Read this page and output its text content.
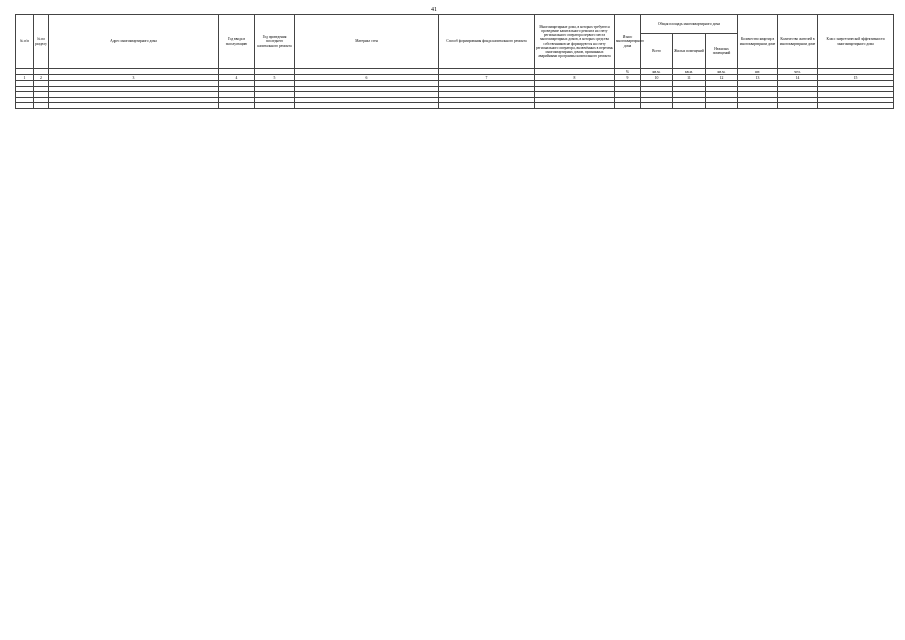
41
№ п/п	№ по разделу	Адрес многоквартирного дома	Год ввода в эксплуатацию	Год проведения последнего капитального ремонта	Материал стен	Способ формирования фонда капитального ремонта	Многоквартирные дома, в которых требуются проведение капитального ремонта на счету регионального оператора первого места многоквартирных домов, в которых средства собственников не формируются на счету регионального оператора, включённых в перечень многоквартирных домов, признанных аварийными программы капитального ремонта	Износ многоквартирного дома	Общая площадь многоквартирного дома			Количество квартир в многоквартирном доме	Количество жителей в многоквартирном доме	Класс энергетической эффективности многоквартирного дома
									Всего	Жилых помещений	Нежилых помещений			
								%	кв.м.	кв.м.	кв.м.	шт.	чел.	
1	2	3	4	5	6	7	8	9	10	11	12	13	14	15
